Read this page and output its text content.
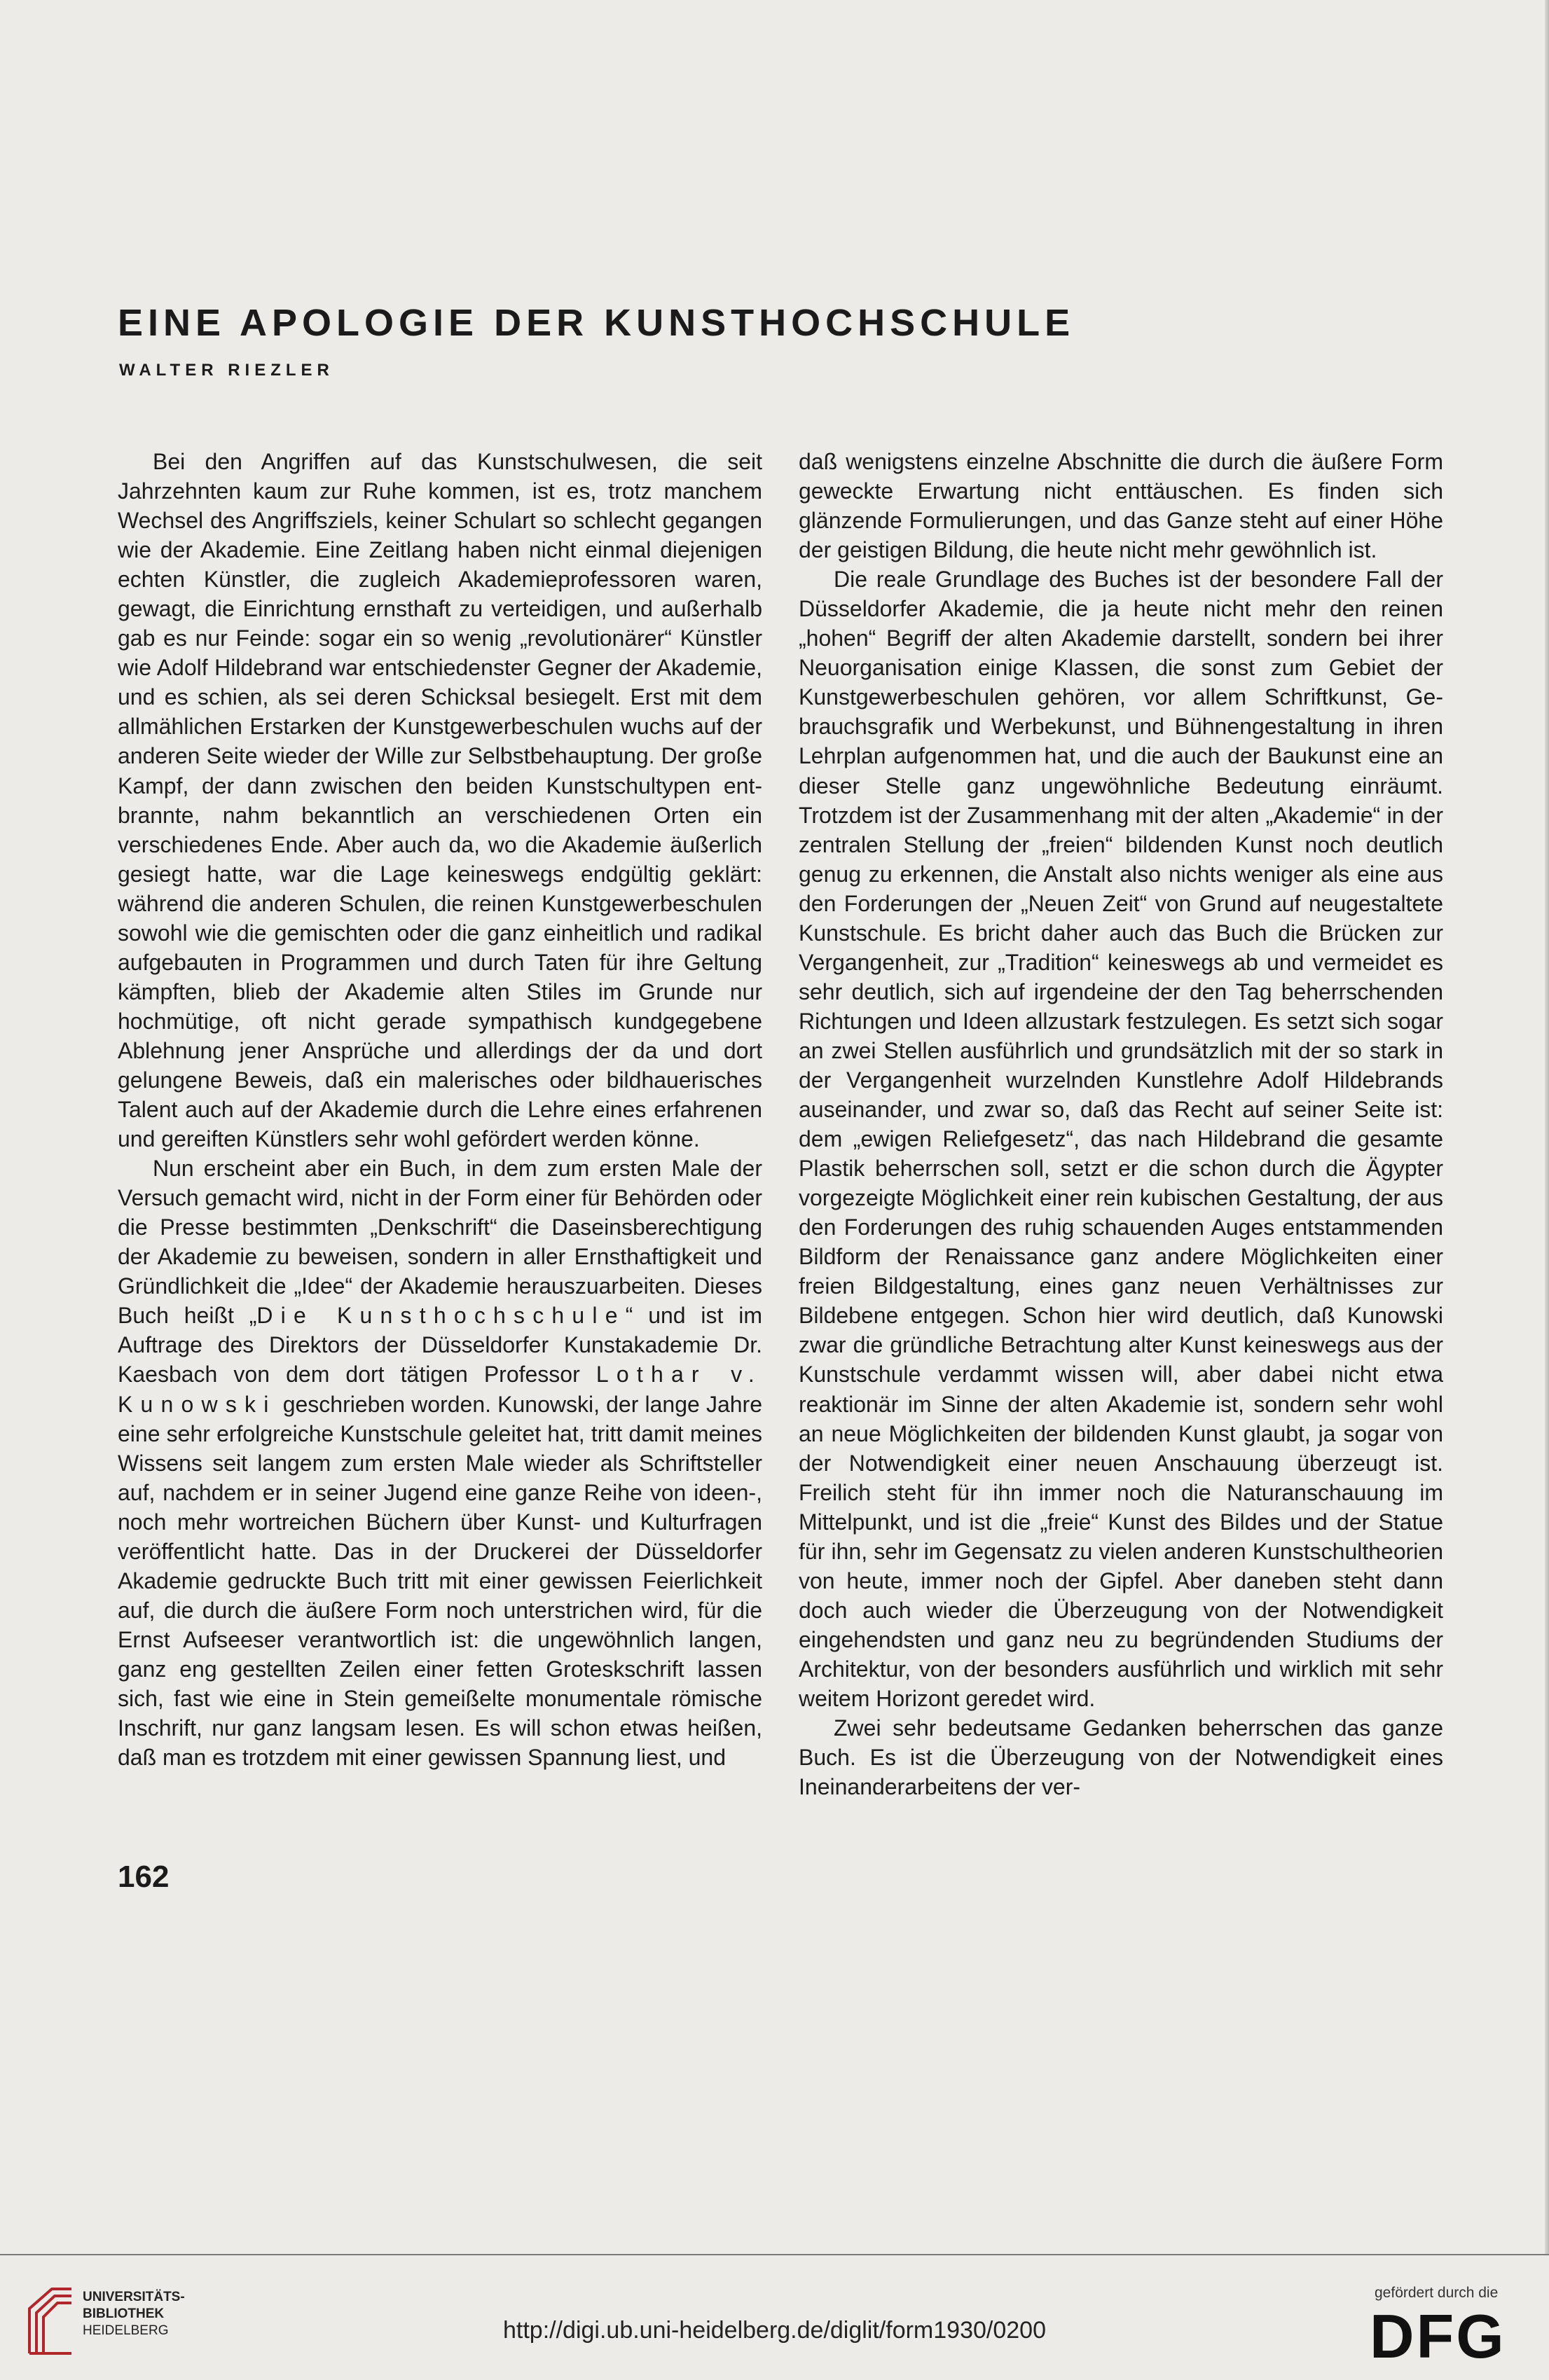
EINE APOLOGIE DER KUNSTHOCHSCHULE
WALTER RIEZLER

Bei den Angriffen auf das Kunstschulwesen, die seit Jahrzehnten kaum zur Ruhe kommen, ist es, trotz manchem Wechsel des Angriffsziels, keiner Schulart so schlecht gegangen wie der Akademie. Eine Zeitlang haben nicht einmal diejenigen echten Künstler, die zugleich Akademieprofessoren waren, gewagt, die Einrichtung ernsthaft zu verteidigen, und außerhalb gab es nur Feinde: sogar ein so wenig „revolutionärer“ Künstler wie Adolf Hildebrand war entschiedenster Gegner der Akademie, und es schien, als sei deren Schicksal besiegelt. Erst mit dem allmählichen Erstarken der Kunstgewerbeschulen wuchs auf der anderen Seite wieder der Wille zur Selbstbehauptung. Der große Kampf, der dann zwischen den beiden Kunstschultypen entbrannte, nahm bekanntlich an verschiedenen Orten ein verschiedenes Ende. Aber auch da, wo die Akademie äußerlich gesiegt hatte, war die Lage keineswegs endgültig geklärt: während die anderen Schulen, die reinen Kunstgewerbeschulen sowohl wie die gemischten oder die ganz einheitlich und radikal aufgebauten in Programmen und durch Taten für ihre Geltung kämpften, blieb der Akademie alten Stiles im Grunde nur hochmütige, oft nicht gerade sympathisch kundgegebene Ablehnung jener Ansprüche und allerdings der da und dort gelungene Beweis, daß ein malerisches oder bildhauerisches Talent auch auf der Akademie durch die Lehre eines erfahrenen und gereiften Künstlers sehr wohl gefördert werden könne.

Nun erscheint aber ein Buch, in dem zum ersten Male der Versuch gemacht wird, nicht in der Form einer für Behörden oder die Presse bestimmten „Denkschrift“ die Daseinsberechtigung der Akademie zu beweisen, sondern in aller Ernsthaftigkeit und Gründlichkeit die „Idee“ der Akademie herauszuarbeiten. Dieses Buch heißt „Die Kunsthochschule“ und ist im Auftrage des Direktors der Düsseldorfer Kunstakademie Dr. Kaesbach von dem dort tätigen Professor Lothar v. Kunowski geschrieben worden. Kunowski, der lange Jahre eine sehr erfolgreiche Kunstschule geleitet hat, tritt damit meines Wissens seit langem zum ersten Male wieder als Schriftsteller auf, nachdem er in seiner Jugend eine ganze Reihe von ideen-, noch mehr wortreichen Büchern über Kunst- und Kulturfragen veröffentlicht hatte. Das in der Druckerei der Düsseldorfer Akademie gedruckte Buch tritt mit einer gewissen Feierlichkeit auf, die durch die äußere Form noch unterstrichen wird, für die Ernst Aufseeser verantwortlich ist: die ungewöhnlich langen, ganz eng gestellten Zeilen einer fetten Groteskschrift lassen sich, fast wie eine in Stein gemeißelte monumentale römische Inschrift, nur ganz langsam lesen. Es will schon etwas heißen, daß man es trotzdem mit einer gewissen Spannung liest, und

daß wenigstens einzelne Abschnitte die durch die äußere Form geweckte Erwartung nicht enttäuschen. Es finden sich glänzende Formulierungen, und das Ganze steht auf einer Höhe der geistigen Bildung, die heute nicht mehr gewöhnlich ist.

Die reale Grundlage des Buches ist der besondere Fall der Düsseldorfer Akademie, die ja heute nicht mehr den reinen „hohen“ Begriff der alten Akademie darstellt, sondern bei ihrer Neuorganisation einige Klassen, die sonst zum Gebiet der Kunstgewerbeschulen gehören, vor allem Schriftkunst, Gebrauchsgrafik und Werbekunst, und Bühnengestaltung in ihren Lehrplan aufgenommen hat, und die auch der Baukunst eine an dieser Stelle ganz ungewöhnliche Bedeutung einräumt. Trotzdem ist der Zusammenhang mit der alten „Akademie“ in der zentralen Stellung der „freien“ bildenden Kunst noch deutlich genug zu erkennen, die Anstalt also nichts weniger als eine aus den Forderungen der „Neuen Zeit“ von Grund auf neugestaltete Kunstschule. Es bricht daher auch das Buch die Brücken zur Vergangenheit, zur „Tradition“ keineswegs ab und vermeidet es sehr deutlich, sich auf irgendeine der den Tag beherrschenden Richtungen und Ideen allzustark festzulegen. Es setzt sich sogar an zwei Stellen ausführlich und grundsätzlich mit der so stark in der Vergangenheit wurzelnden Kunstlehre Adolf Hildebrands auseinander, und zwar so, daß das Recht auf seiner Seite ist: dem „ewigen Reliefgesetz“, das nach Hildebrand die gesamte Plastik beherrschen soll, setzt er die schon durch die Ägypter vorgezeigte Möglichkeit einer rein kubischen Gestaltung, der aus den Forderungen des ruhig schauenden Auges entstammenden Bildform der Renaissance ganz andere Möglichkeiten einer freien Bildgestaltung, eines ganz neuen Verhältnisses zur Bildebene entgegen. Schon hier wird deutlich, daß Kunowski zwar die gründliche Betrachtung alter Kunst keineswegs aus der Kunstschule verdammt wissen will, aber dabei nicht etwa reaktionär im Sinne der alten Akademie ist, sondern sehr wohl an neue Möglichkeiten der bildenden Kunst glaubt, ja sogar von der Notwendigkeit einer neuen Anschauung überzeugt ist. Freilich steht für ihn immer noch die Naturanschauung im Mittelpunkt, und ist die „freie“ Kunst des Bildes und der Statue für ihn, sehr im Gegensatz zu vielen anderen Kunstschultheorien von heute, immer noch der Gipfel. Aber daneben steht dann doch auch wieder die Überzeugung von der Notwendigkeit eingehendsten und ganz neu zu begründenden Studiums der Architektur, von der besonders ausführlich und wirklich mit sehr weitem Horizont geredet wird.

Zwei sehr bedeutsame Gedanken beherrschen das ganze Buch. Es ist die Überzeugung von der Notwendigkeit eines Ineinanderarbeitens der ver-

162
UNIVERSITÄTS-
BIBLIOTHEK
HEIDELBERG	http://digi.ub.uni-heidelberg.de/diglit/form1930/0200
gefördert durch die
DFG
